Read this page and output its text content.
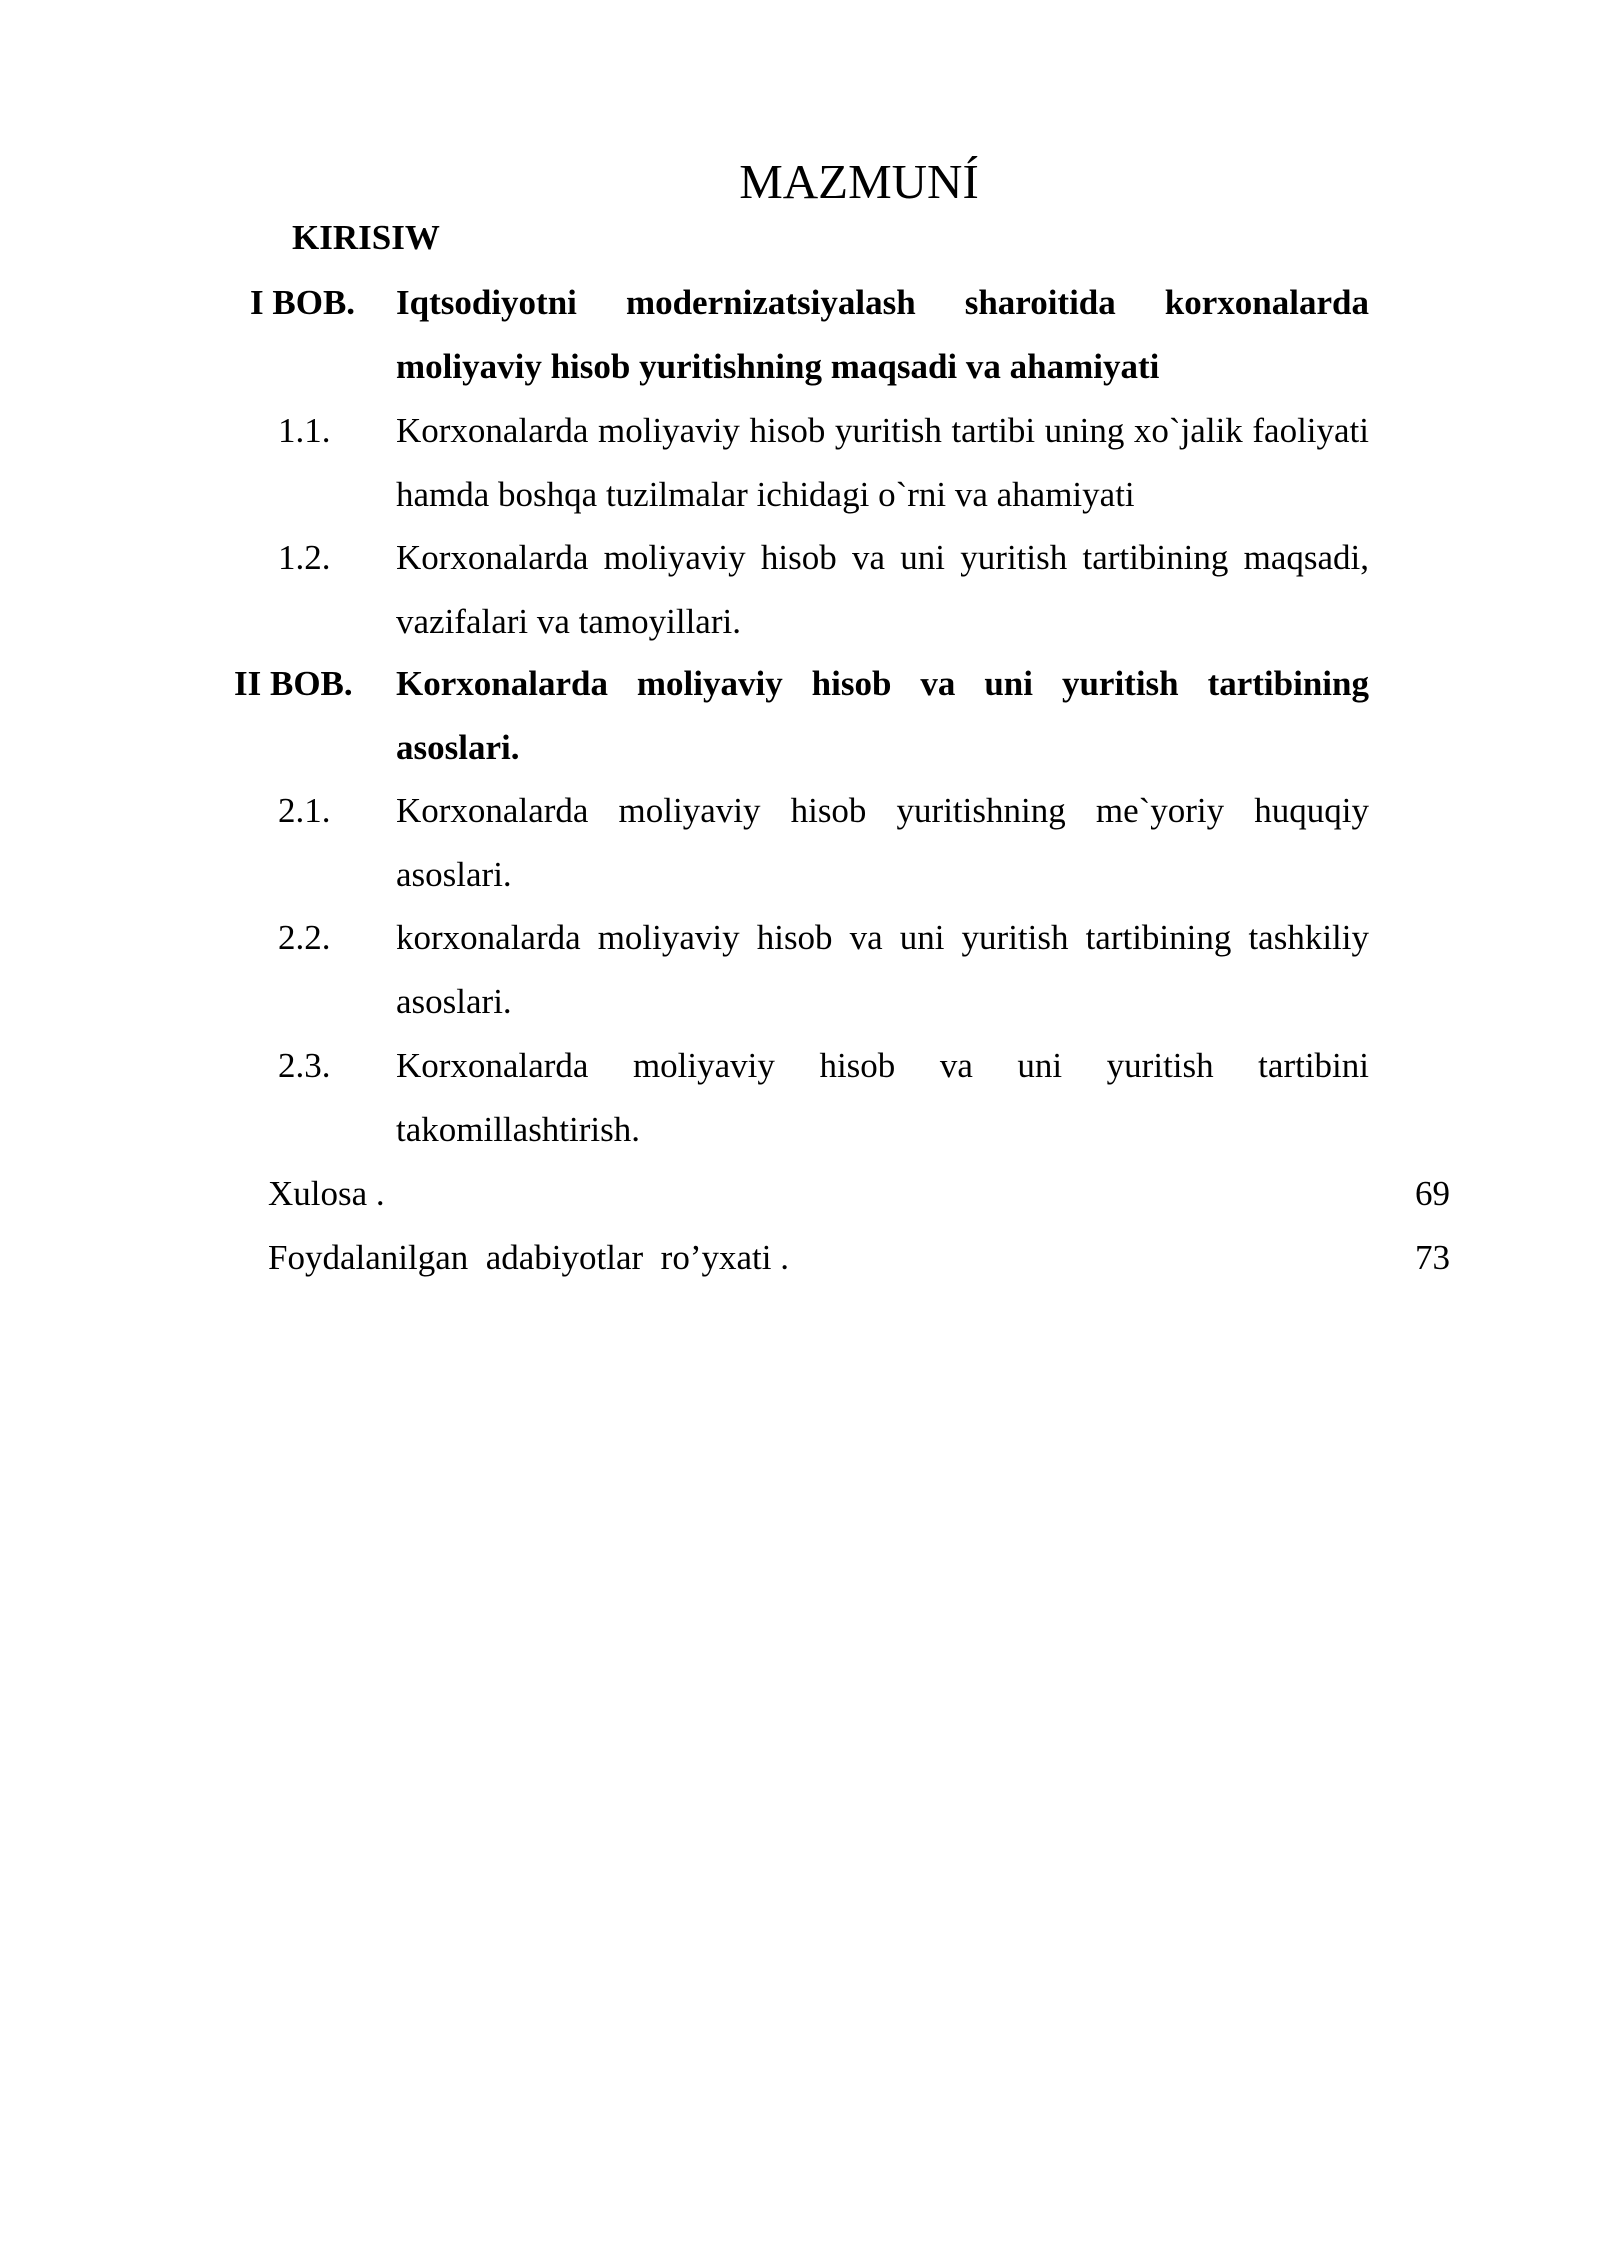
MAZMUNÍ
KIRISIW
I BOB. Iqtsodiyotni modernizatsiyalash sharoitida korxonalarda moliyaviy hisob yuritishning maqsadi va ahamiyati
1.1. Korxonalarda moliyaviy hisob yuritish tartibi uning xo`jalik faoliyati hamda boshqa tuzilmalar ichidagi o`rni va ahamiyati
1.2. Korxonalarda moliyaviy hisob va uni yuritish tartibining maqsadi, vazifalari va tamoyillari.
II BOB. Korxonalarda moliyaviy hisob va uni yuritish tartibining asoslari.
2.1. Korxonalarda moliyaviy hisob yuritishning me`yoriy huquqiy asoslari.
2.2. korxonalarda moliyaviy hisob va uni yuritish tartibining tashkiliy asoslari.
2.3. Korxonalarda moliyaviy hisob va uni yuritish tartibini takomillashtirish.
Xulosa .	69
Foydalanilgan  adabiyotlar  ro’yxati .	73
